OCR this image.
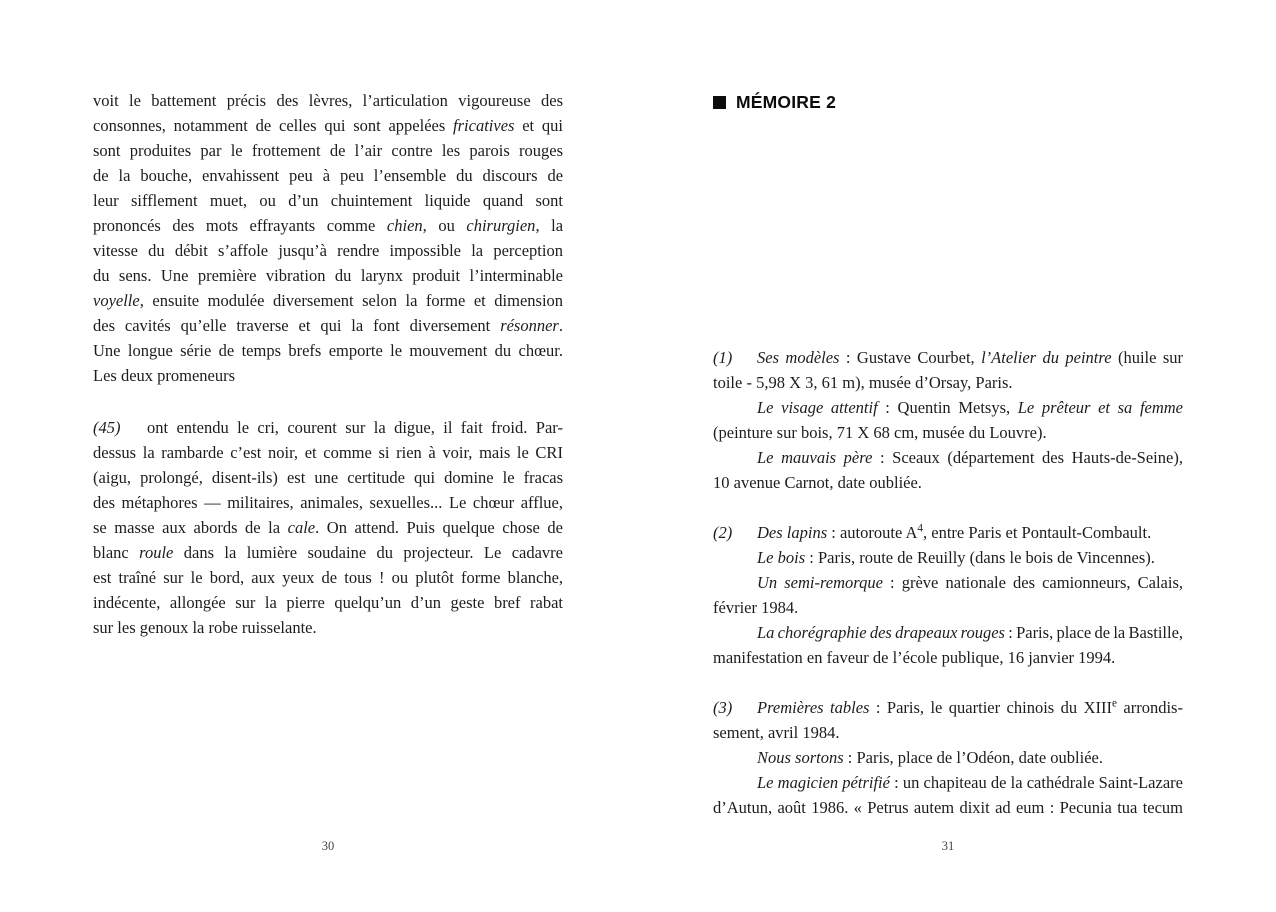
voit le battement précis des lèvres, l’articulation vigoureuse des
consonnes, notamment de celles qui sont appelées fricatives et qui
sont produites par le frottement de l’air contre les parois rouges
de la bouche, envahissent peu à peu l’ensemble du discours de
leur sifflement muet, ou d’un chuintement liquide quand sont
prononcés des mots effrayants comme chien, ou chirurgien, la
vitesse du débit s’affole jusqu’à rendre impossible la perception
du sens. Une première vibration du larynx produit l’interminable
voyelle, ensuite modulée diversement selon la forme et dimension
des cavités qu’elle traverse et qui la font diversement résonner.
Une longue série de temps brefs emporte le mouvement du chœur.
Les deux promeneurs
(45) ont entendu le cri, courent sur la digue, il fait froid. Par-
dessus la rambarde c’est noir, et comme si rien à voir, mais le CRI
(aigu, prolongé, disent-ils) est une certitude qui domine le fracas
des métaphores — militaires, animales, sexuelles... Le chœur afflue,
se masse aux abords de la cale. On attend. Puis quelque chose de
blanc roule dans la lumière soudaine du projecteur. Le cadavre
est traîné sur le bord, aux yeux de tous ! ou plutôt forme blanche,
indécente, allongée sur la pierre quelqu’un d’un geste bref rabat
sur les genoux la robe ruisselante.
MÉMOIRE 2
(1) Ses modèles : Gustave Courbet, l’Atelier du peintre (huile sur
toile - 5,98 X 3, 61 m), musée d’Orsay, Paris.
Le visage attentif : Quentin Metsys, Le prêteur et sa femme
(peinture sur bois, 71 X 68 cm, musée du Louvre).
Le mauvais père : Sceaux (département des Hauts-de-Seine),
10 avenue Carnot, date oubliée.
(2) Des lapins : autoroute $A^4$, entre Paris et Pontault-Combault.
Le bois : Paris, route de Reuilly (dans le bois de Vincennes).
Un semi-remorque : grève nationale des camionneurs, Calais,
février 1984.
La chorégraphie des drapeaux rouges : Paris, place de la Bastille,
manifestation en faveur de l’école publique, 16 janvier 1994.
(3) Premières tables : Paris, le quartier chinois du XIIIe arrondis-
sement, avril 1984.
Nous sortons : Paris, place de l’Odéon, date oubliée.
Le magicien pétrifié : un chapiteau de la cathédrale Saint-Lazare
d’Autun, août 1986. « Petrus autem dixit ad eum : Pecunia tua tecum
30	31
